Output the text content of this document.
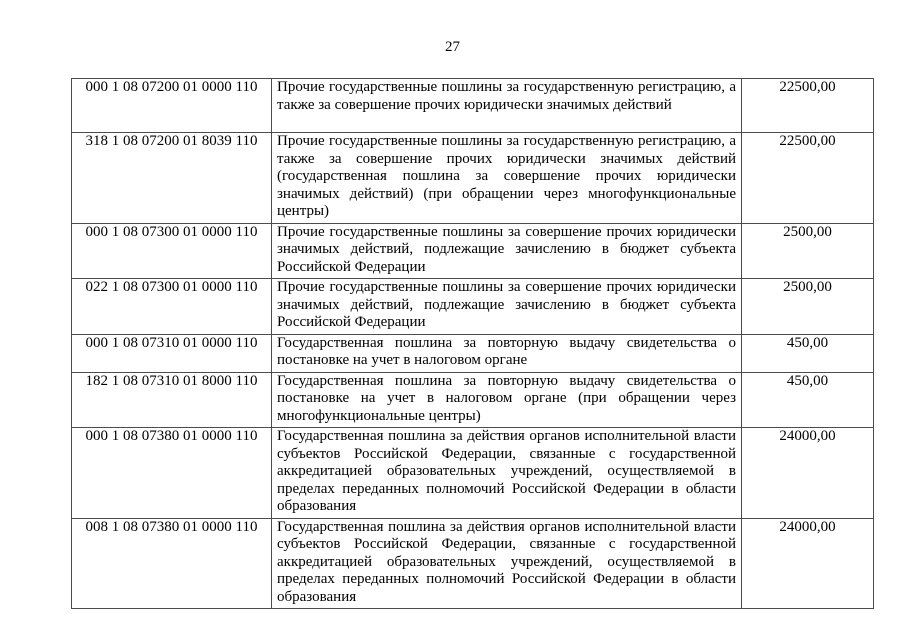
27
000 1 08 07200 01 0000 110	Прочие государственные пошлины за государственную регистрацию, а также за совершение прочих юридически значимых действий	22500,00
318 1 08 07200 01 8039 110	Прочие государственные пошлины за государственную регистрацию, а также за совершение прочих юридически значимых действий (государственная пошлина за совершение прочих юридически значимых действий) (при обращении через многофункциональные центры)	22500,00
000 1 08 07300 01 0000 110	Прочие государственные пошлины за совершение прочих юридически значимых действий, подлежащие зачислению в бюджет субъекта Российской Федерации	2500,00
022 1 08 07300 01 0000 110	Прочие государственные пошлины за совершение прочих юридически значимых действий, подлежащие зачислению в бюджет субъекта Российской Федерации	2500,00
000 1 08 07310 01 0000 110	Государственная пошлина за повторную выдачу свидетельства о постановке на учет в налоговом органе	450,00
182 1 08 07310 01 8000 110	Государственная пошлина за повторную выдачу свидетельства о постановке на учет в налоговом органе (при обращении через многофункциональные центры)	450,00
000 1 08 07380 01 0000 110	Государственная пошлина за действия органов исполнительной власти субъектов Российской Федерации, связанные с государственной аккредитацией образовательных учреждений, осуществляемой в пределах переданных полномочий Российской Федерации в области образования	24000,00
008 1 08 07380 01 0000 110	Государственная пошлина за действия органов исполнительной власти субъектов Российской Федерации, связанные с государственной аккредитацией образовательных учреждений, осуществляемой в пределах переданных полномочий Российской Федерации в области образования	24000,00
